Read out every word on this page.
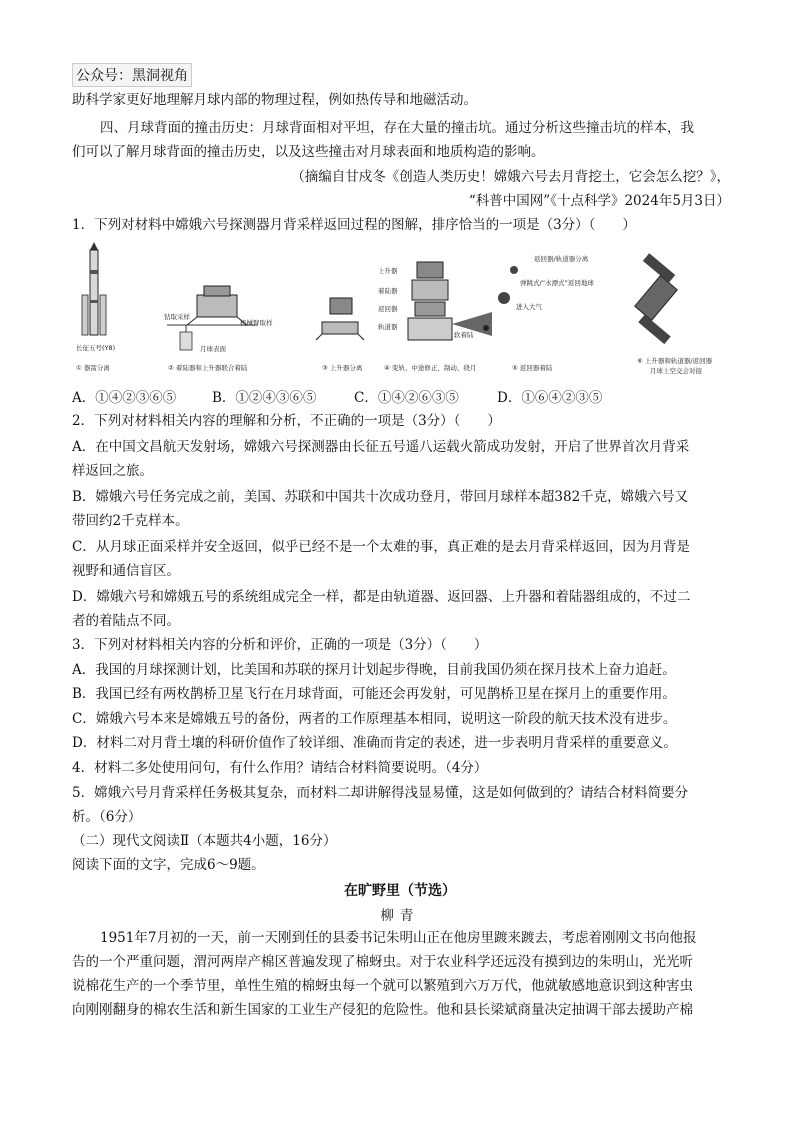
公众号：黑洞视角
助科学家更好地理解月球内部的物理过程，例如热传导和地磁活动。
四、月球背面的撞击历史：月球背面相对平坦，存在大量的撞击坑。通过分析这些撞击坑的样本，我
们可以了解月球背面的撞击历史，以及这些撞击对月球表面和地质构造的影响。
（摘编自甘戍冬《创造人类历史！嫦娥六号去月背挖土，它会怎么挖？》，
“科普中国网”《十点科学》2024年5月3日）
1．下列对材料中嫦娥六号探测器月背采样返回过程的图解，排序恰当的一项是（3分）（　　）
长征五号(Y8)
① 器箭分离
钻取采样
机械臂取样
月球表面
② 着陆器和上升器联合着陆	③ 上升器分离
上升器
着陆器
返回器
轨道器
④ 变轨、中途修正、制动、绕月
返回器/轨道器分离
弹跳式/“水漂式”返回地球
进入大气
软着陆
⑤ 返回器着陆
⑥ 上升器和轨道器/返回器
月球上空交会对接
A．①④②③⑥⑤	B．①②④③⑥⑤	C．①④②⑥③⑤	D．①⑥④②③⑤
2．下列对材料相关内容的理解和分析，不正确的一项是（3分）（　　）
A．在中国文昌航天发射场，嫦娥六号探测器由长征五号遥八运载火箭成功发射，开启了世界首次月背采
样返回之旅。
B．嫦娥六号任务完成之前，美国、苏联和中国共十次成功登月，带回月球样本超382千克，嫦娥六号又
带回约2千克样本。
C．从月球正面采样并安全返回，似乎已经不是一个太难的事，真正难的是去月背采样返回，因为月背是
视野和通信盲区。
D．嫦娥六号和嫦娥五号的系统组成完全一样，都是由轨道器、返回器、上升器和着陆器组成的，不过二
者的着陆点不同。
3．下列对材料相关内容的分析和评价，正确的一项是（3分）（　　）
A．我国的月球探测计划，比美国和苏联的探月计划起步得晚，目前我国仍须在探月技术上奋力追赶。
B．我国已经有两枚鹊桥卫星飞行在月球背面，可能还会再发射，可见鹊桥卫星在探月上的重要作用。
C．嫦娥六号本来是嫦娥五号的备份，两者的工作原理基本相同，说明这一阶段的航天技术没有进步。
D．材料二对月背土壤的科研价值作了较详细、准确而肯定的表述，进一步表明月背采样的重要意义。
4．材料二多处使用问句，有什么作用？请结合材料简要说明。（4分）
5．嫦娥六号月背采样任务极其复杂，而材料二却讲解得浅显易懂，这是如何做到的？请结合材料简要分
析。（6分）
（二）现代文阅读Ⅱ（本题共4小题，16分）
阅读下面的文字，完成6～9题。
在旷野里（节选）
柳青
1951年7月初的一天，前一天刚到任的县委书记朱明山正在他房里踱来踱去，考虑着刚刚文书向他报
告的一个严重问题，渭河两岸产棉区普遍发现了棉蚜虫。对于农业科学还远没有摸到边的朱明山，光光听
说棉花生产的一个季节里，单性生殖的棉蚜虫每一个就可以繁殖到六万万代，他就敏感地意识到这种害虫
向刚刚翻身的棉农生活和新生国家的工业生产侵犯的危险性。他和县长梁斌商量决定抽调干部去援助产棉
